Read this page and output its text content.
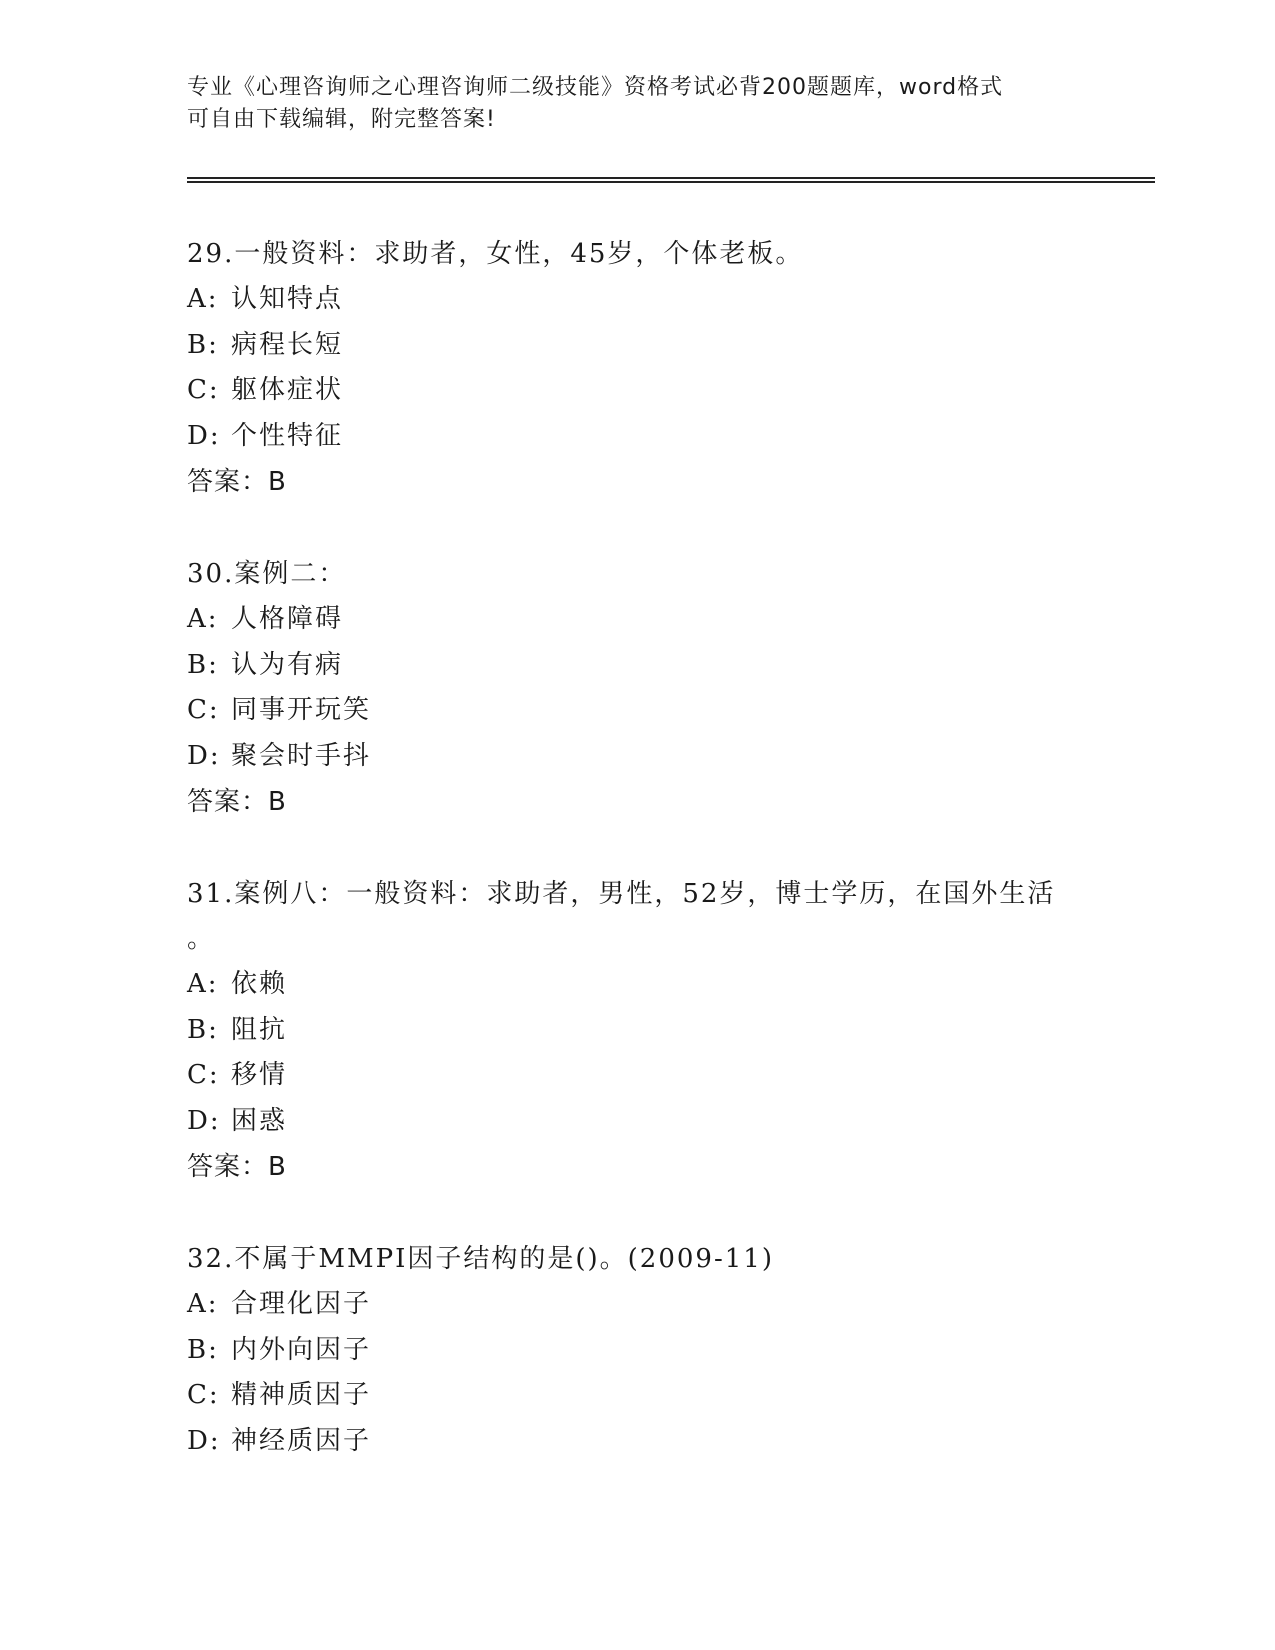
专业《心理咨询师之心理咨询师二级技能》资格考试必背200题题库，word格式
可自由下载编辑，附完整答案!
29.一般资料：求助者，女性，45岁，个体老板。
A: 认知特点
B: 病程长短
C: 躯体症状
D: 个性特征
答案：B
30.案例二：
A: 人格障碍
B: 认为有病
C: 同事开玩笑
D: 聚会时手抖
答案：B
31.案例八：一般资料：求助者，男性，52岁，博士学历，在国外生活
。
A: 依赖
B: 阻抗
C: 移情
D: 困惑
答案：B
32.不属于MMPI因子结构的是()。(2009-11)
A: 合理化因子
B: 内外向因子
C: 精神质因子
D: 神经质因子
